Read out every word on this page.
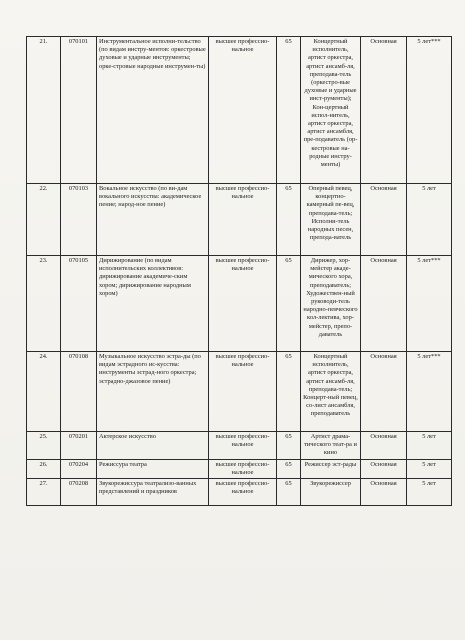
21.	070101	Инструментальное исполни-тельство (по видам инстру-ментов: оркестровые духовые и ударные инструменты; орке-стровые народные инструмен-ты)	высшее профессио-нальное	65	Концертный исполнитель, артист оркестра, артист ансамб-ля, преподава-тель (оркестро-вые духовые и ударные инст-рументы); Кон-цертный испол-нитель, артист оркестра, артист ансамбля, пре-подаватель (ор-кестровые на-родные инстру-менты)	Основная	5 лет***
22.	070103	Вокальное искусство (по ви-дам вокального искусства: академическое пение; народ-ное пение)	высшее профессио-нальное	65	Оперный певец, концертно-камерный пе-вец, преподава-тель; Исполни-тель народных песен, препода-ватель	Основная	5 лет
23.	070105	Дирижирование (по видам исполнительских коллективов: дирижирование академиче-ским хором; дирижирование народным хором)	высшее профессио-нальное	65	Дирижер, хор-мейстер акаде-мического хора, преподаватель; Художествен-ный руководи-тель народно-певческого кол-лектива, хор-мейстер, препо-даватель	Основная	5 лет***
24.	070108	Музыкальное искусство эстра-ды (по видам эстрадного ис-кусства: инструменты эстрад-ного оркестра; эстрадно-джазовое пение)	высшее профессио-нальное	65	Концертный исполнитель, артист оркестра, артист ансамб-ля, преподава-тель; Концерт-ный певец, со-лист ансамбля, преподаватель	Основная	5 лет***
25.	070201	Актерское искусство	высшее профессио-нальное	65	Артист драма-тического теат-ра и кино	Основная	5 лет
26.	070204	Режиссура театра	высшее профессио-нальное	65	Режиссер эст-рады	Основная	5 лет
27.	070208	Звукорежиссура театрализо-ванных представлений и праздников	высшее профессио-нальное	65	Звукорежиссер	Основная	5 лет
